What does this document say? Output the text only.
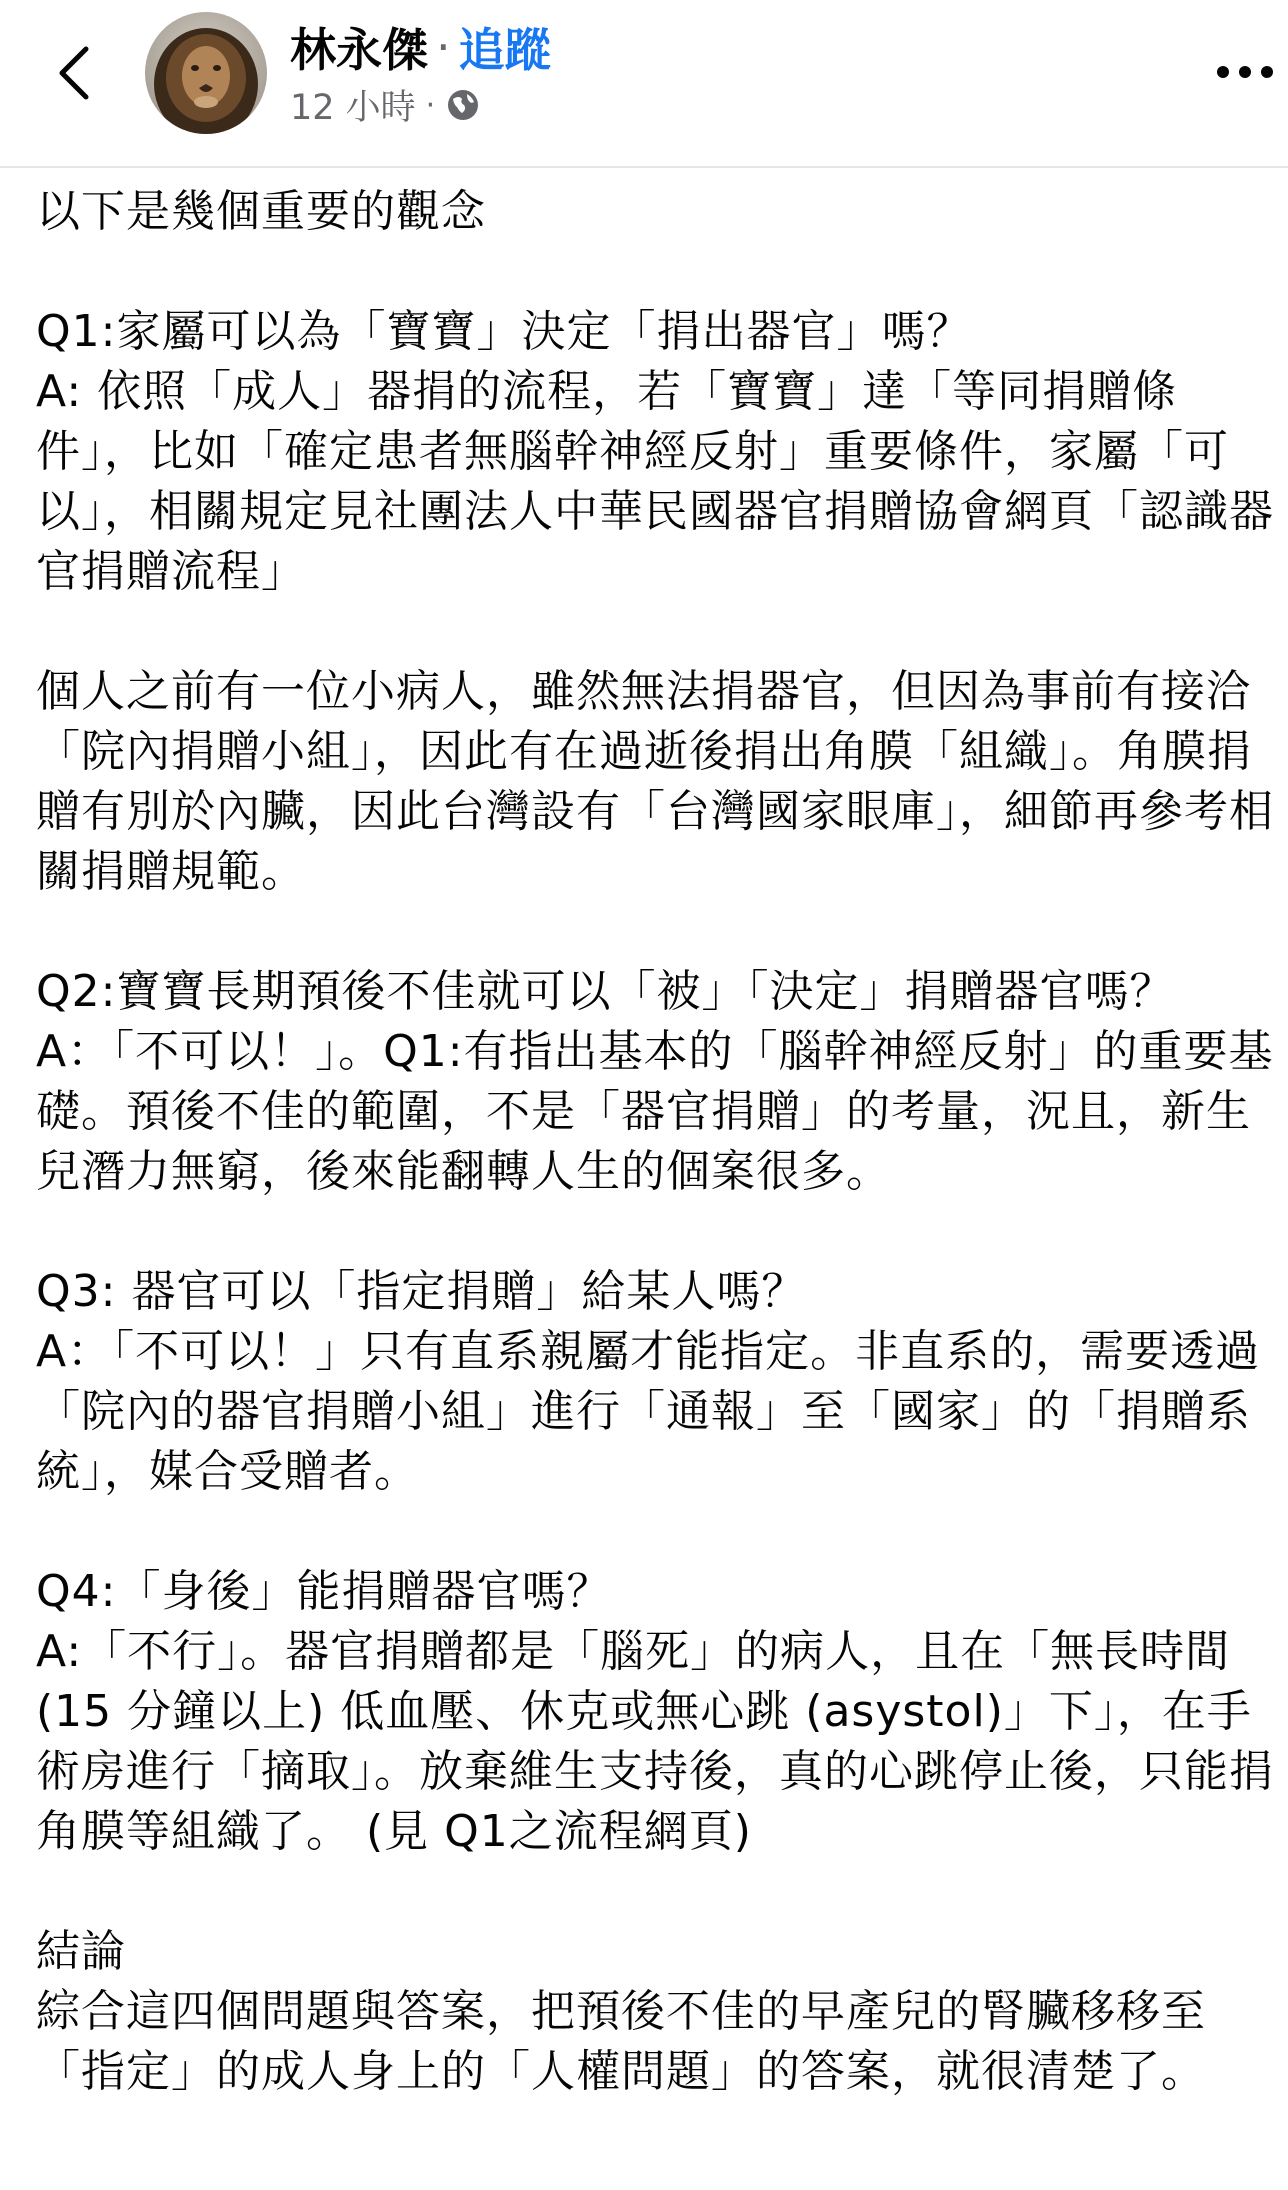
林永傑 · 追蹤
12 小時 ·

以下是幾個重要的觀念

Q1:家屬可以為「寶寶」決定「捐出器官」嗎？
A: 依照「成人」器捐的流程，若「寶寶」達「等同捐贈條件」，比如「確定患者無腦幹神經反射」重要條件，家屬「可以」，相關規定見社團法人中華民國器官捐贈協會網頁「認識器官捐贈流程」

個人之前有一位小病人，雖然無法捐器官，但因為事前有接洽「院內捐贈小組」，因此有在過逝後捐出角膜「組織」。角膜捐贈有別於內臟，因此台灣設有「台灣國家眼庫」，細節再參考相關捐贈規範。

Q2:寶寶長期預後不佳就可以「被」「決定」捐贈器官嗎？
A：「不可以！」。Q1:有指出基本的「腦幹神經反射」的重要基礎。預後不佳的範圍，不是「器官捐贈」的考量，況且，新生兒潛力無窮，後來能翻轉人生的個案很多。

Q3: 器官可以「指定捐贈」給某人嗎？
A：「不可以！」只有直系親屬才能指定。非直系的，需要透過「院內的器官捐贈小組」進行「通報」至「國家」的「捐贈系統」，媒合受贈者。

Q4:「身後」能捐贈器官嗎？
A:「不行」。器官捐贈都是「腦死」的病人，且在「無長時間 (15 分鐘以上) 低血壓、休克或無心跳 (asystol)」下」，在手術房進行「摘取」。放棄維生支持後，真的心跳停止後，只能捐角膜等組織了。 (見 Q1之流程網頁)

結論
綜合這四個問題與答案，把預後不佳的早產兒的腎臟移移至「指定」的成人身上的「人權問題」的答案，就很清楚了。
